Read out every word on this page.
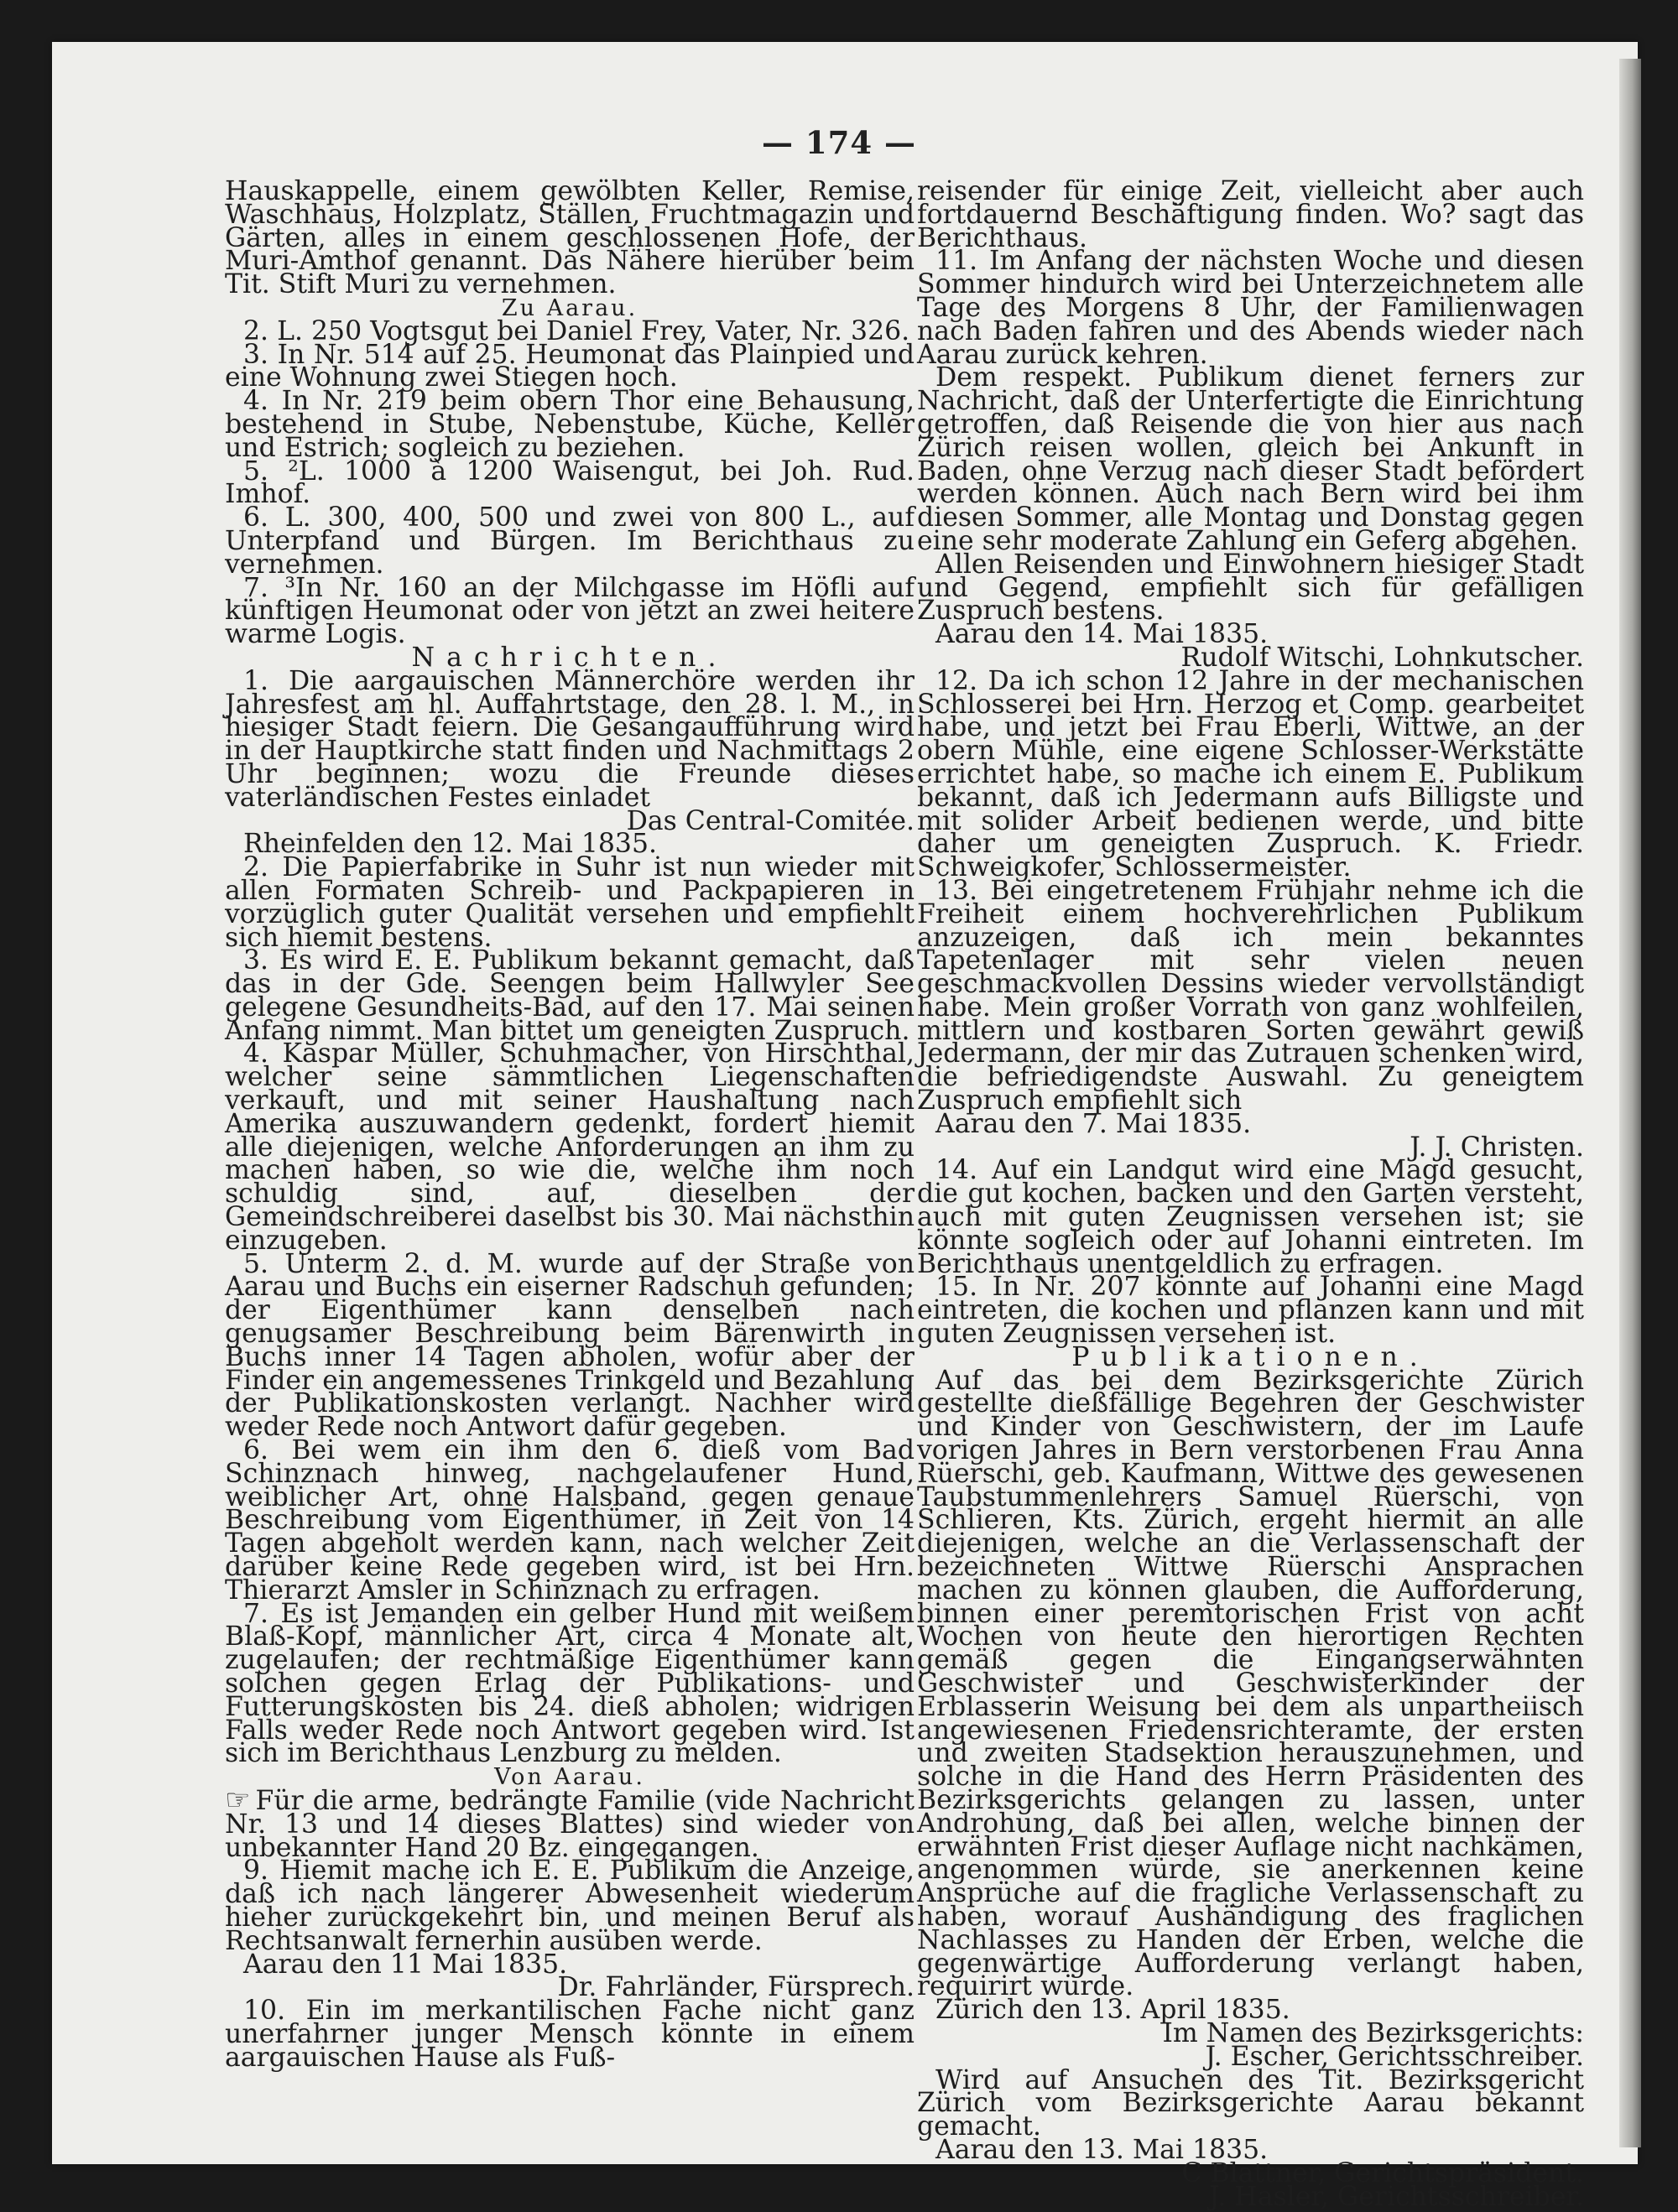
— 174 —

Hauskappelle, einem gewölbten Keller, Remise, Waschhaus, Holzplatz, Ställen, Fruchtmagazin und Gärten, alles in einem geschlossenen Hofe, der Muri-Amthof genannt. Das Nähere hierüber beim Tit. Stift Muri zu vernehmen.

Zu Aarau.

2. L. 250 Vogtsgut bei Daniel Frey, Vater, Nr. 326.

3. In Nr. 514 auf 25. Heumonat das Plainpied und eine Wohnung zwei Stiegen hoch.

4. In Nr. 219 beim obern Thor eine Behausung, bestehend in Stube, Nebenstube, Küche, Keller und Estrich; sogleich zu beziehen.

5. ²L. 1000 à 1200 Waisengut, bei Joh. Rud. Imhof.

6. L. 300, 400, 500 und zwei von 800 L., auf Unterpfand und Bürgen. Im Berichthaus zu vernehmen.

7. ³In Nr. 160 an der Milchgasse im Höfli auf künftigen Heumonat oder von jetzt an zwei heitere warme Logis.

Nachrichten.

1. Die aargauischen Männerchöre werden ihr Jahresfest am hl. Auffahrtstage, den 28. l. M., in hiesiger Stadt feiern. Die Gesangaufführung wird in der Hauptkirche statt finden und Nachmittags 2 Uhr beginnen; wozu die Freunde dieses vaterländischen Festes einladet

Das Central-Comitée.

Rheinfelden den 12. Mai 1835.

2. Die Papierfabrike in Suhr ist nun wieder mit allen Formaten Schreib- und Packpapieren in vorzüglich guter Qualität versehen und empfiehlt sich hiemit bestens.

3. Es wird E. E. Publikum bekannt gemacht, daß das in der Gde. Seengen beim Hallwyler See gelegene Gesundheits-Bad, auf den 17. Mai seinen Anfang nimmt. Man bittet um geneigten Zuspruch.

4. Kaspar Müller, Schuhmacher, von Hirschthal, welcher seine sämmtlichen Liegenschaften verkauft, und mit seiner Haushaltung nach Amerika auszuwandern gedenkt, fordert hiemit alle diejenigen, welche Anforderungen an ihm zu machen haben, so wie die, welche ihm noch schuldig sind, auf, dieselben der Gemeindschreiberei daselbst bis 30. Mai nächsthin einzugeben.

5. Unterm 2. d. M. wurde auf der Straße von Aarau und Buchs ein eiserner Radschuh gefunden; der Eigenthümer kann denselben nach genugsamer Beschreibung beim Bärenwirth in Buchs inner 14 Tagen abholen, wofür aber der Finder ein angemessenes Trinkgeld und Bezahlung der Publikationskosten verlangt. Nachher wird weder Rede noch Antwort dafür gegeben.

6. Bei wem ein ihm den 6. dieß vom Bad Schinznach hinweg, nachgelaufener Hund, weiblicher Art, ohne Halsband, gegen genaue Beschreibung vom Eigenthümer, in Zeit von 14 Tagen abgeholt werden kann, nach welcher Zeit darüber keine Rede gegeben wird, ist bei Hrn. Thierarzt Amsler in Schinznach zu erfragen.

7. Es ist Jemanden ein gelber Hund mit weißem Blaß-Kopf, männlicher Art, circa 4 Monate alt, zugelaufen; der rechtmäßige Eigenthümer kann solchen gegen Erlag der Publikations- und Futterungskosten bis 24. dieß abholen; widrigen Falls weder Rede noch Antwort gegeben wird. Ist sich im Berichthaus Lenzburg zu melden.

Von Aarau.

☞ Für die arme, bedrängte Familie (vide Nachricht Nr. 13 und 14 dieses Blattes) sind wieder von unbekannter Hand 20 Bz. eingegangen.

9. Hiemit mache ich E. E. Publikum die Anzeige, daß ich nach längerer Abwesenheit wiederum hieher zurückgekehrt bin, und meinen Beruf als Rechtsanwalt fernerhin ausüben werde.

Aarau den 11 Mai 1835.

Dr. Fahrländer, Fürsprech.

10. Ein im merkantilischen Fache nicht ganz unerfahrner junger Mensch könnte in einem aargauischen Hause als Fuß-

reisender für einige Zeit, vielleicht aber auch fortdauernd Beschäftigung finden. Wo? sagt das Berichthaus.

11. Im Anfang der nächsten Woche und diesen Sommer hindurch wird bei Unterzeichnetem alle Tage des Morgens 8 Uhr, der Familienwagen nach Baden fahren und des Abends wieder nach Aarau zurück kehren.

Dem respekt. Publikum dienet ferners zur Nachricht, daß der Unterfertigte die Einrichtung getroffen, daß Reisende die von hier aus nach Zürich reisen wollen, gleich bei Ankunft in Baden, ohne Verzug nach dieser Stadt befördert werden können. Auch nach Bern wird bei ihm diesen Sommer, alle Montag und Donstag gegen eine sehr moderate Zahlung ein Geferg abgehen.

Allen Reisenden und Einwohnern hiesiger Stadt und Gegend, empfiehlt sich für gefälligen Zuspruch bestens.

Aarau den 14. Mai 1835.

Rudolf Witschi, Lohnkutscher.

12. Da ich schon 12 Jahre in der mechanischen Schlosserei bei Hrn. Herzog et Comp. gearbeitet habe, und jetzt bei Frau Eberli, Wittwe, an der obern Mühle, eine eigene Schlosser-Werkstätte errichtet habe, so mache ich einem E. Publikum bekannt, daß ich Jedermann aufs Billigste und mit solider Arbeit bedienen werde, und bitte daher um geneigten Zuspruch. K. Friedr. Schweigkofer, Schlossermeister.

13. Bei eingetretenem Frühjahr nehme ich die Freiheit einem hochverehrlichen Publikum anzuzeigen, daß ich mein bekanntes Tapetenlager mit sehr vielen neuen geschmackvollen Dessins wieder vervollständigt habe. Mein großer Vorrath von ganz wohlfeilen, mittlern und kostbaren Sorten gewährt gewiß Jedermann, der mir das Zutrauen schenken wird, die befriedigendste Auswahl. Zu geneigtem Zuspruch empfiehlt sich

Aarau den 7. Mai 1835.

J. J. Christen.

14. Auf ein Landgut wird eine Magd gesucht, die gut kochen, backen und den Garten versteht, auch mit guten Zeugnissen versehen ist; sie könnte sogleich oder auf Johanni eintreten. Im Berichthaus unentgeldlich zu erfragen.

15. In Nr. 207 könnte auf Johanni eine Magd eintreten, die kochen und pflanzen kann und mit guten Zeugnissen versehen ist.

Publikationen.

Auf das bei dem Bezirksgerichte Zürich gestellte dießfällige Begehren der Geschwister und Kinder von Geschwistern, der im Laufe vorigen Jahres in Bern verstorbenen Frau Anna Rüerschi, geb. Kaufmann, Wittwe des gewesenen Taubstummenlehrers Samuel Rüerschi, von Schlieren, Kts. Zürich, ergeht hiermit an alle diejenigen, welche an die Verlassenschaft der bezeichneten Wittwe Rüerschi Ansprachen machen zu können glauben, die Aufforderung, binnen einer peremtorischen Frist von acht Wochen von heute den hierortigen Rechten gemäß gegen die Eingangserwähnten Geschwister und Geschwisterkinder der Erblasserin Weisung bei dem als unpartheiisch angewiesenen Friedensrichteramte, der ersten und zweiten Stadsektion herauszunehmen, und solche in die Hand des Herrn Präsidenten des Bezirksgerichts gelangen zu lassen, unter Androhung, daß bei allen, welche binnen der erwähnten Frist dieser Auflage nicht nachkämen, angenommen würde, sie anerkennen keine Ansprüche auf die fragliche Verlassenschaft zu haben, worauf Aushändigung des fraglichen Nachlasses zu Handen der Erben, welche die gegenwärtige Aufforderung verlangt haben, requirirt würde.

Zürich den 13. April 1835.

Im Namen des Bezirksgerichts:

J. Escher, Gerichtsschreiber.

Wird auf Ansuchen des Tit. Bezirksgericht Zürich vom Bezirksgerichte Aarau bekannt gemacht.

Aarau den 13. Mai 1835.

C Blattner, Gerichtspräsident.

J. Hasler, Gerichtsschreiber.
